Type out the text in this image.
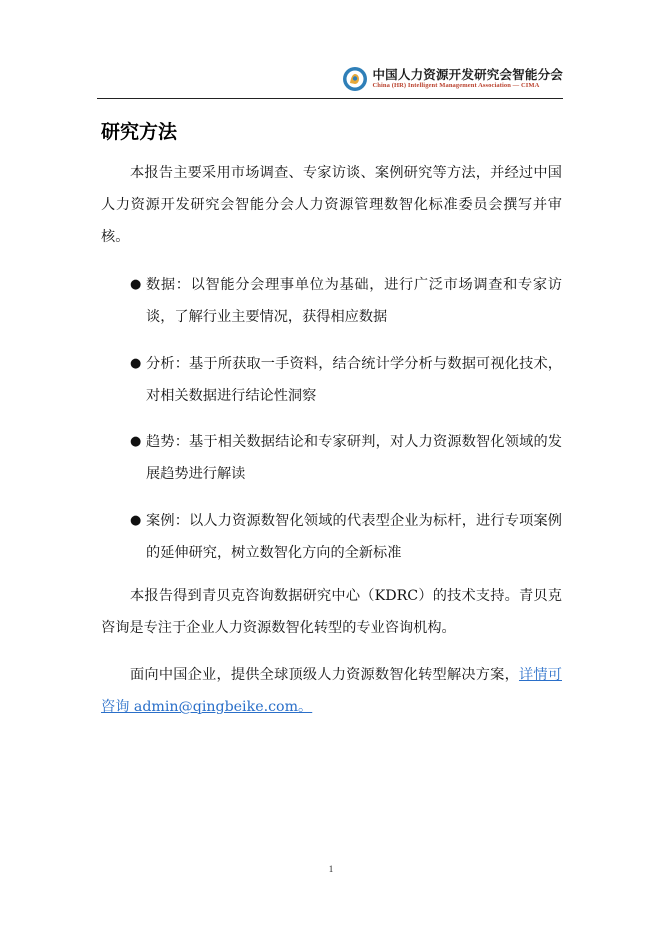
中国人力资源开发研究会智能分会
China (HR) Intelligent Management Association — CIMA
研究方法

本报告主要采用市场调查、专家访谈、案例研究等方法，并经过中国人力资源开发研究会智能分会人力资源管理数智化标准委员会撰写并审核。

● 数据：以智能分会理事单位为基础，进行广泛市场调查和专家访谈，了解行业主要情况，获得相应数据
● 分析：基于所获取一手资料，结合统计学分析与数据可视化技术，对相关数据进行结论性洞察
● 趋势：基于相关数据结论和专家研判，对人力资源数智化领域的发展趋势进行解读
● 案例：以人力资源数智化领域的代表型企业为标杆，进行专项案例的延伸研究，树立数智化方向的全新标准

本报告得到青贝克咨询数据研究中心（KDRC）的技术支持。青贝克咨询是专注于企业人力资源数智化转型的专业咨询机构。

面向中国企业，提供全球顶级人力资源数智化转型解决方案，详情可咨询 admin@qingbeike.com。

1
